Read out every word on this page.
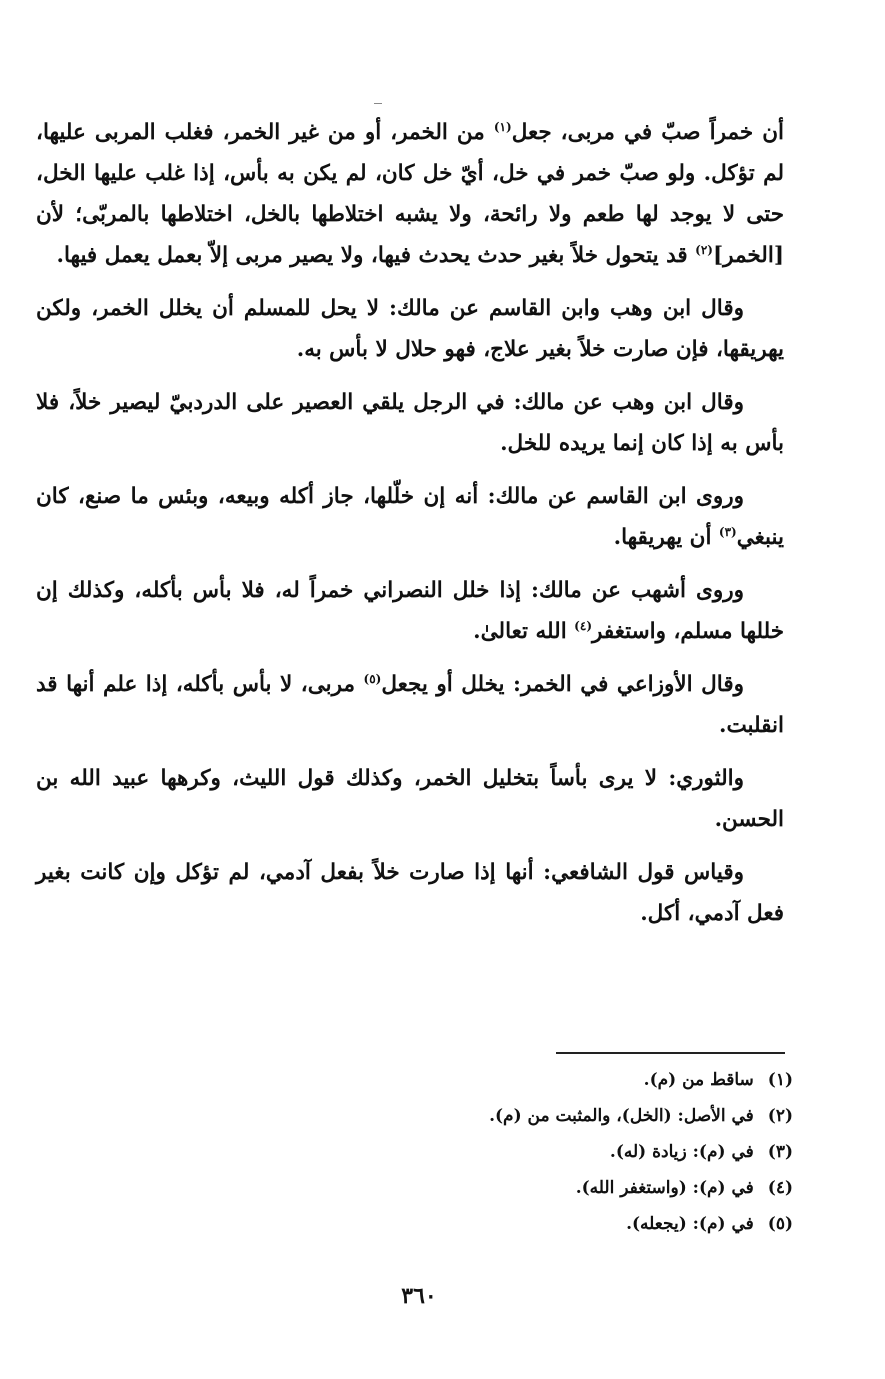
أن خمراً صبّ في مربى، جعل$^{(١)}$ من الخمر، أو من غير الخمر، فغلب المربى عليها، لم تؤكل. ولو صبّ خمر في خل، أيّ خل كان، لم يكن به بأس، إذا غلب عليها الخل، حتى لا يوجد لها طعم ولا رائحة، ولا يشبه اختلاطها بالخل، اختلاطها بالمربّى؛ لأن [الخمر]$^{(٢)}$ قد يتحول خلاً بغير حدث يحدث فيها، ولا يصير مربى إلاّ بعمل يعمل فيها.

وقال ابن وهب وابن القاسم عن مالك: لا يحل للمسلم أن يخلل الخمر، ولكن يهريقها، فإن صارت خلاً بغير علاج، فهو حلال لا بأس به.

وقال ابن وهب عن مالك: في الرجل يلقي العصير على الدردبيّ ليصير خلاً، فلا بأس به إذا كان إنما يريده للخل.

وروى ابن القاسم عن مالك: أنه إن خلّلها، جاز أكله وبيعه، وبئس ما صنع، كان ينبغي$^{(٣)}$ أن يهريقها.

وروى أشهب عن مالك: إذا خلل النصراني خمراً له، فلا بأس بأكله، وكذلك إن خللها مسلم، واستغفر$^{(٤)}$ الله تعالىٰ.

وقال الأوزاعي في الخمر: يخلل أو يجعل$^{(٥)}$ مربى، لا بأس بأكله، إذا علم أنها قد انقلبت.

والثوري: لا يرى بأساً بتخليل الخمر، وكذلك قول الليث، وكرهها عبيد الله بن الحسن.

وقياس قول الشافعي: أنها إذا صارت خلاً بفعل آدمي، لم تؤكل وإن كانت بغير فعل آدمي، أكل.

(١)ساقط من (م).
(٢)في الأصل: (الخل)، والمثبت من (م).
(٣)في (م): زيادة (له).
(٤)في (م): (واستغفر الله).
(٥)في (م): (يجعله).
٣٦٠
